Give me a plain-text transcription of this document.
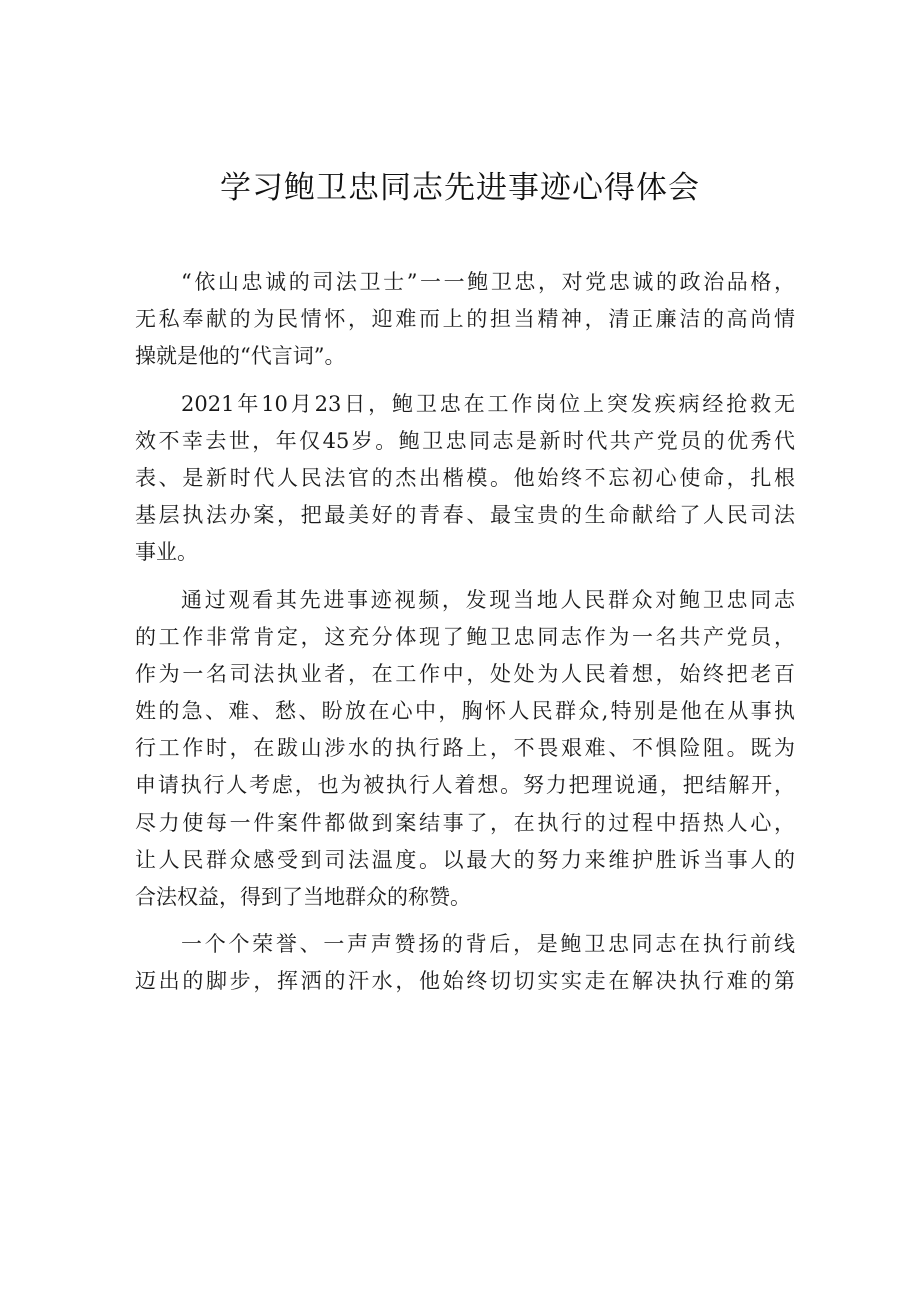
学习鲍卫忠同志先进事迹心得体会
“依山忠诚的司法卫士”一一鲍卫忠，对党忠诚的政治品格，
无私奉献的为民情怀，迎难而上的担当精神，清正廉洁的高尚情
操就是他的“代言词”。
2021年10月23日，鲍卫忠在工作岗位上突发疾病经抢救无
效不幸去世，年仅45岁。鲍卫忠同志是新时代共产党员的优秀代
表、是新时代人民法官的杰出楷模。他始终不忘初心使命，扎根
基层执法办案，把最美好的青春、最宝贵的生命献给了人民司法
事业。
通过观看其先进事迹视频，发现当地人民群众对鲍卫忠同志
的工作非常肯定，这充分体现了鲍卫忠同志作为一名共产党员，
作为一名司法执业者，在工作中，处处为人民着想，始终把老百
姓的急、难、愁、盼放在心中，胸怀人民群众,特别是他在从事执
行工作时，在跋山涉水的执行路上，不畏艰难、不惧险阻。既为
申请执行人考虑，也为被执行人着想。努力把理说通，把结解开，
尽力使每一件案件都做到案结事了，在执行的过程中捂热人心，
让人民群众感受到司法温度。以最大的努力来维护胜诉当事人的
合法权益，得到了当地群众的称赞。
一个个荣誉、一声声赞扬的背后，是鲍卫忠同志在执行前线
迈出的脚步，挥洒的汗水，他始终切切实实走在解决执行难的第
